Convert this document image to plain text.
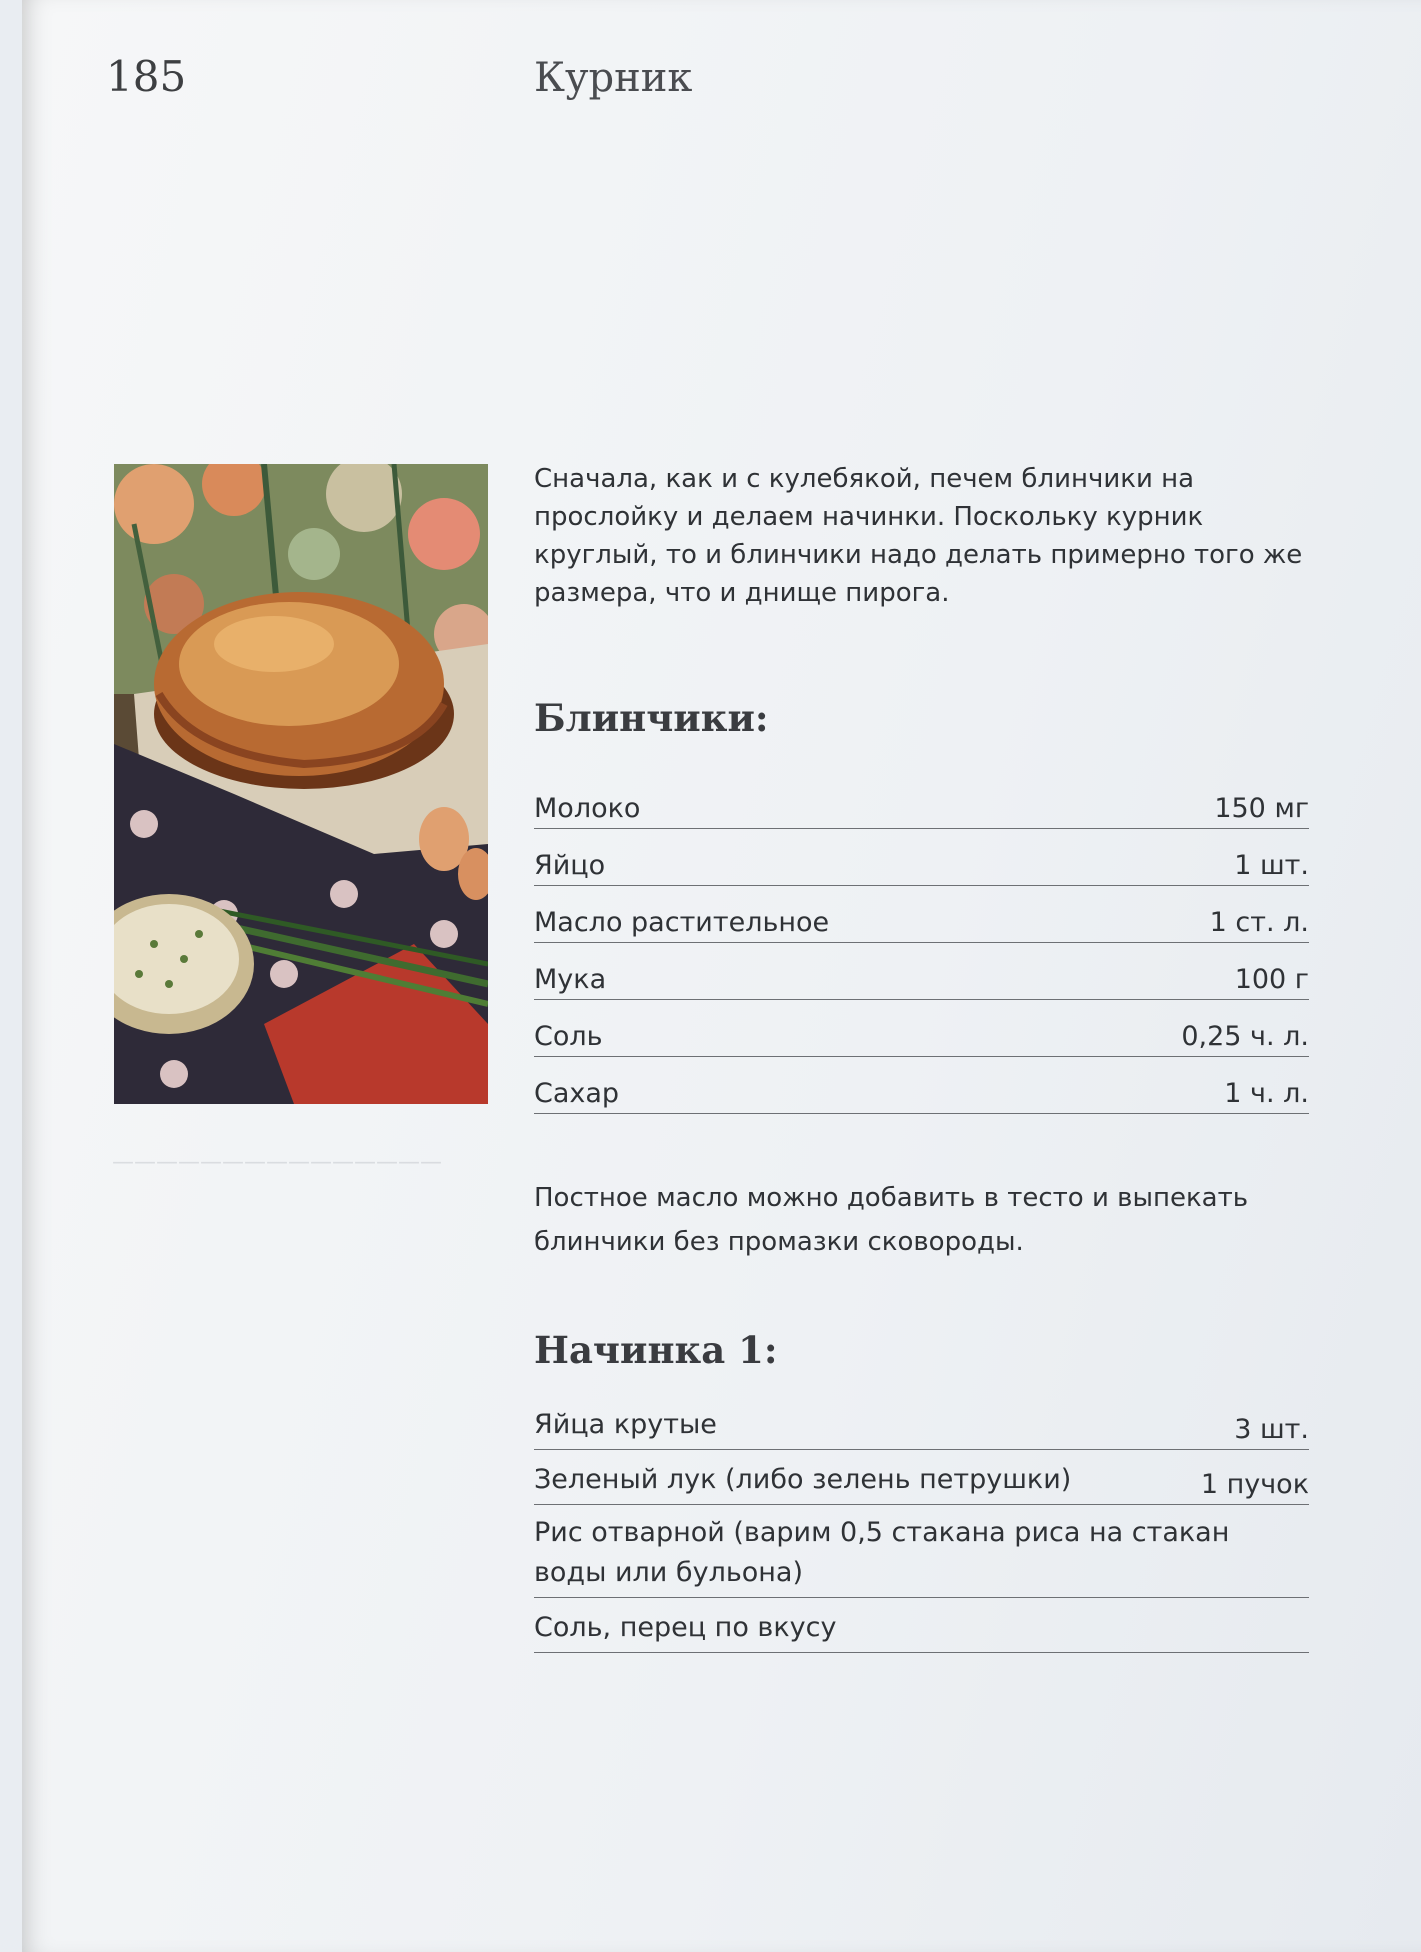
185	Курник
———————————————
Сначала, как и с кулебякой, печем блинчики на прослойку и делаем начинки. Поскольку курник круглый, то и блинчики надо делать примерно того же размера, что и днище пирога.
Блинчики:
Молоко	150 мг
Яйцо	1 шт.
Масло растительное	1 ст. л.
Мука	100 г
Соль	0,25 ч. л.
Сахар	1 ч. л.
Постное масло можно добавить в тесто и выпекать блинчики без промазки сковороды.
Начинка 1:
Яйца крутые	3 шт.
Зеленый лук (либо зелень петрушки)	1 пучок
Рис отварной (варим 0,5 стакана риса на стакан воды или бульона)
Соль, перец по вкусу
